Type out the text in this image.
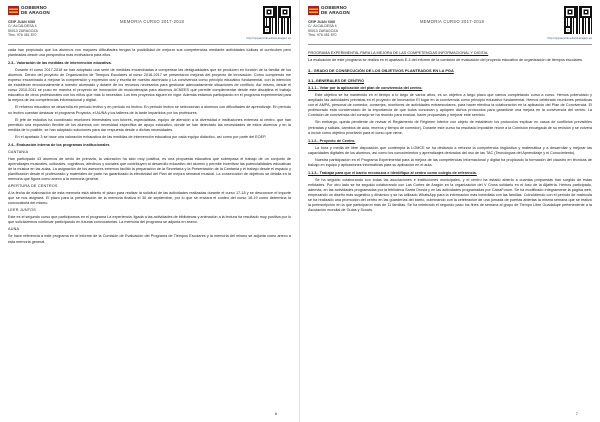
GOBIERNO
DE ARAGON
CEIP JUAN XXIII
C/. ALCALDESA 4
50013 ZARAGOZA
Tfno. 976 451 870
MEMORIA CURSO 2017-2018
http://cpjuanxxiii.educa.aragon.es

cada han propiciado que los alumnos con mayores dificultades tengan la posibilidad de mejorar sus competencias mediante actividades lúdicas al curriculum pero planteadas desde una perspectiva más motivadora para ellos.

2.3.- Valoración de las medidas de intervención educativa.

Durante el curso 2017-2018 se han adoptado una serie de medidas encaminadas a compensar las desigualdades que se producen en función de la familia de los alumnos. Dentro del proyecto de Organización de Tiempos Escolares al curso 2016-2017 se presentaron mejoras del proyecto de innovación: Como comprendo me expreso encaminado a mejorar la comprensión y expresión oral y escrita de nuestro alumnado y La convivencia como principio educativo fundamental, con la intención de establecer emocionalmente a nuestro alumnado y dotarle de los recursos necesarios para gestionar adecuadamente situaciones de conflicto. Así mismo, desde el curso 2010-2011 se puso en marcha el proyecto de innovación de musicoterapia para alumnos ACNEES que permite complementar desde este disciplina el trabajo educativo de otros profesionales con los niños que más lo necesitan. Los tres proyectos siguen en vigor. Además estamos participando en el programa experimental para la mejora de las competencias informacional y digital.

El refuerzo educativo se desarrolla en periodo lectivo y en periodo no lectivo. En periodo lectivo se seleccionan a alumnos con dificultades de aprendizaje. En periodo no lectivo cuentan destacar el programa Proyecta, el AUNA y los talleres de la tarde impartidos por los profesores.

El jefe de estudios ha coordinado reuniones trimestrales con tutores, especialistas, equipo de atención a la diversidad e instituciones externas al centro, que han permitido una exposición flexible de los alumnos con necesidad específica de apoyo educativo, donde se han detectado las necesidades de estos alumnos y en la medida de lo posible, se han adoptado soluciones para dar respuesta desde o dichas necesidades.

En el apartado 3 se hace una valoración exhaustiva de las medidas de intervención educativa por cada equipo didáctico, así como por parte del EOEP.

2.4.- Evaluación interna de los programas institucionales
CANTANIA

Han participado 43 alumnos de sexto de primaria, la valoración ha sido muy positiva, es una propuesta educativa que sobrepasa el trabajo de un conjunto de aprendizajes musicales, culturales, cognitivos, afectivos y sociales que contribuyen al desarrollo educativo del alumno y permite incentivar las potencialidades educativas de la música en las aulas. La asignación de los asesores externos facilitó la preparación de la Secretaría y la Presentación de la Cantania y el trabajo desde el espacio y planificación desde el profesorado y materiales de parte ha garantizado la efectividad del Plan de mejora semanal musical. La consecución de objetivos se detalla en la memoria que figura como anexo a la memoria general.

APERTURA DE CENTROS

A la fecha de elaboración de esta memoria está abierto el plazo para realizar la solicitud de las actividades realizadas durante el curso 17-18 y se desconoce el importe que se nos asignará. El plazo para la presentación de la memoria finaliza el 30 de septiembre, por lo que se enviará el conteo del curso 18-19 como determina la convocatoria del mismo.

LEER JUNTOS

Este es el segundo curso que participamos en el programa La experiencia, ligada a las actividades de bibliotecas y animación a la lectura ha resultado muy positiva por lo que solicitaremos continuar participando en futuras convocatorias. La memoria del programa se adjunta en anexo.

AUNA

Se hace referencia a este programa en el informe de la Comisión de Evaluación del Programa de Tiempos Escolares y la memoria del mismo se adjunta como anexo a esta memoria general.

6
GOBIERNO
DE ARAGON
CEIP JUAN XXIII
C/. ALCALDESA 4
50013 ZARAGOZA
Tfno. 976 451 870
MEMORIA CURSO 2017-2018
http://cpjuanxxiii.educa.aragon.es
PROGRAMA EXPERIMENTAL PARA LA MEJORA DE LAS COMPETENCIAS INFORMACIONAL Y DIGITAL

La evaluación de este programa se realiza en el apartado E-4 del informe de la comisión de evaluación del proyecto educativo de organización de tiempos escolares.

3.- GRADO DE CONSECUCIÓN DE LOS OBJETIVOS PLANTEADOS EN LA PGA
3.1.-GENERALES DE CENTRO
3.1.1.- Velar por la aplicación del plan de convivencia del centro.

Este objetivo se ha mantenido en el tiempo a lo largo de varios años, es un objetivo a largo plazo que vamos completando curso a curso. Hemos potenciado y ampliado las actividades previstas en el proyecto de innovación El lugar en la convivencia como principio educativo fundamental. Hemos celebrado reuniones periódicas con el AMPA, personal de comedor, conserjes, monitores de actividades extraescolares, para hacer efectiva la colaboración en la aplicación del Plan de Convivencia. El profesorado está concienciado de la importancia de que todos conozcan y apliquen dichos protocolos para garantizar una mejora en la convivencia del centro. La Comisión de convivencia del consejo se ha reunido para evaluar, hacer propuestas y mejorar este servicio.

Sin embargo, queda pendiente de revisar el Reglamento de Régimen Interior con objeto de establecer los protocolos explicar en casos de conflictos previsibles (entradas y salidas, cambios de aula, recreos y tiempo de comedor). Durante este curso ha resultado imposible reunir a la Comisión encargada de su revisión y se volverá a incluir como objetivo prioritario para el curso que viene.

1.1.2.- Proyecto de Centro.

La hora y media de libre disposición que contempla la LOMCE se ha dedicado a reforzar la competencia lingüística y matemática y a desarrollar y mejorar las capacidades digitales de los alumnos, así como los conocimientos y aprendizajes derivados del uso de las TAC (Tecnologías del Aprendizaje y el Conocimiento).

Nuestra participación en el Programa Experimental para la mejora de las competencias informacional y digital ha propiciado la formación del claustro en técnicas de trabajo en equipo y aplicaciones informáticas para su aplicación en el aula.

1.1.3.- Trabajar para que el barrio reconozca e identifique al centro como colegio de referencia.

Se ha seguido colaborando con todas las asociaciones e instituciones municipales, y el centro ha estado abierto a cuantas propuestas han surgido de estas entidades. Por otro lado se ha seguido colaborando con Las Cortes de Aragón en la organización del V Cross solidario en el foso de la Aljafería. Hemos participado, además, en las actividades programadas por la biblioteca Santa Orosia y en las actividades programadas por CaixaForum. Se ha modificado íntegramente la página web, empezando un diseño más sugestivo y dinámico y se ha utilizado WhatsApp para la información más inmediata con las familias. Coincidiendo con el periodo de matrícula se ha realizado una promoción del centro en las guarderías del barrio, culminando con la celebración de una jornada de puertas abiertas la misma semana que se realizó la preinscripción en la que participaron más de 11 familias. Se ha celebrado el segundo paso los fines de semana al grupo de Tiempo Libre Guadalupe perteneciente a la Asociación mundial de Guías y Scouts.

7
